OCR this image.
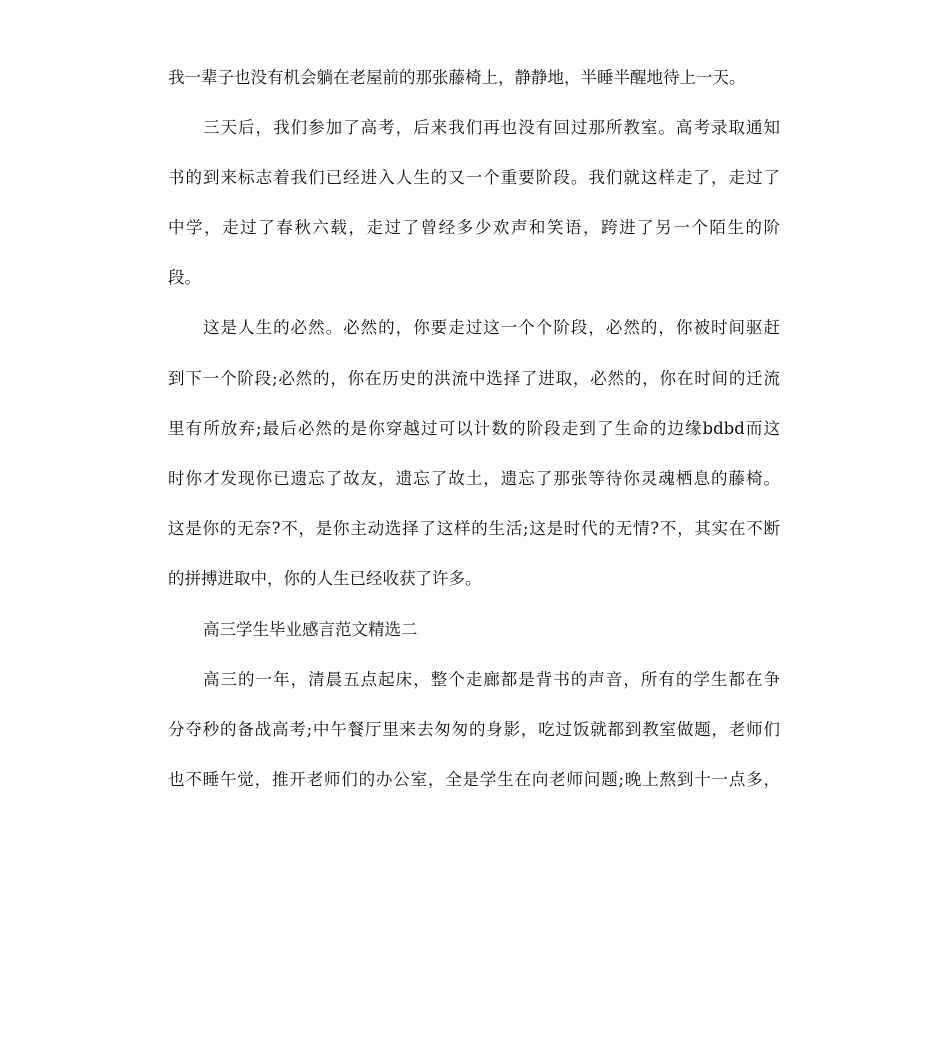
我一辈子也没有机会躺在老屋前的那张藤椅上，静静地，半睡半醒地待上一天。
三天后，我们参加了高考，后来我们再也没有回过那所教室。高考录取通知
书的到来标志着我们已经进入人生的又一个重要阶段。我们就这样走了，走过了
中学，走过了春秋六载，走过了曾经多少欢声和笑语，跨进了另一个陌生的阶
段。
这是人生的必然。必然的，你要走过这一个个阶段，必然的，你被时间驱赶
到下一个阶段;必然的，你在历史的洪流中选择了进取，必然的，你在时间的迁流
里有所放弃;最后必然的是你穿越过可以计数的阶段走到了生命的边缘bdbd而这
时你才发现你已遗忘了故友，遗忘了故土，遗忘了那张等待你灵魂栖息的藤椅。
这是你的无奈?不，是你主动选择了这样的生活;这是时代的无情?不，其实在不断
的拼搏进取中，你的人生已经收获了许多。
高三学生毕业感言范文精选二
高三的一年，清晨五点起床，整个走廊都是背书的声音，所有的学生都在争
分夺秒的备战高考;中午餐厅里来去匆匆的身影，吃过饭就都到教室做题，老师们
也不睡午觉，推开老师们的办公室，全是学生在向老师问题;晚上熬到十一点多，
